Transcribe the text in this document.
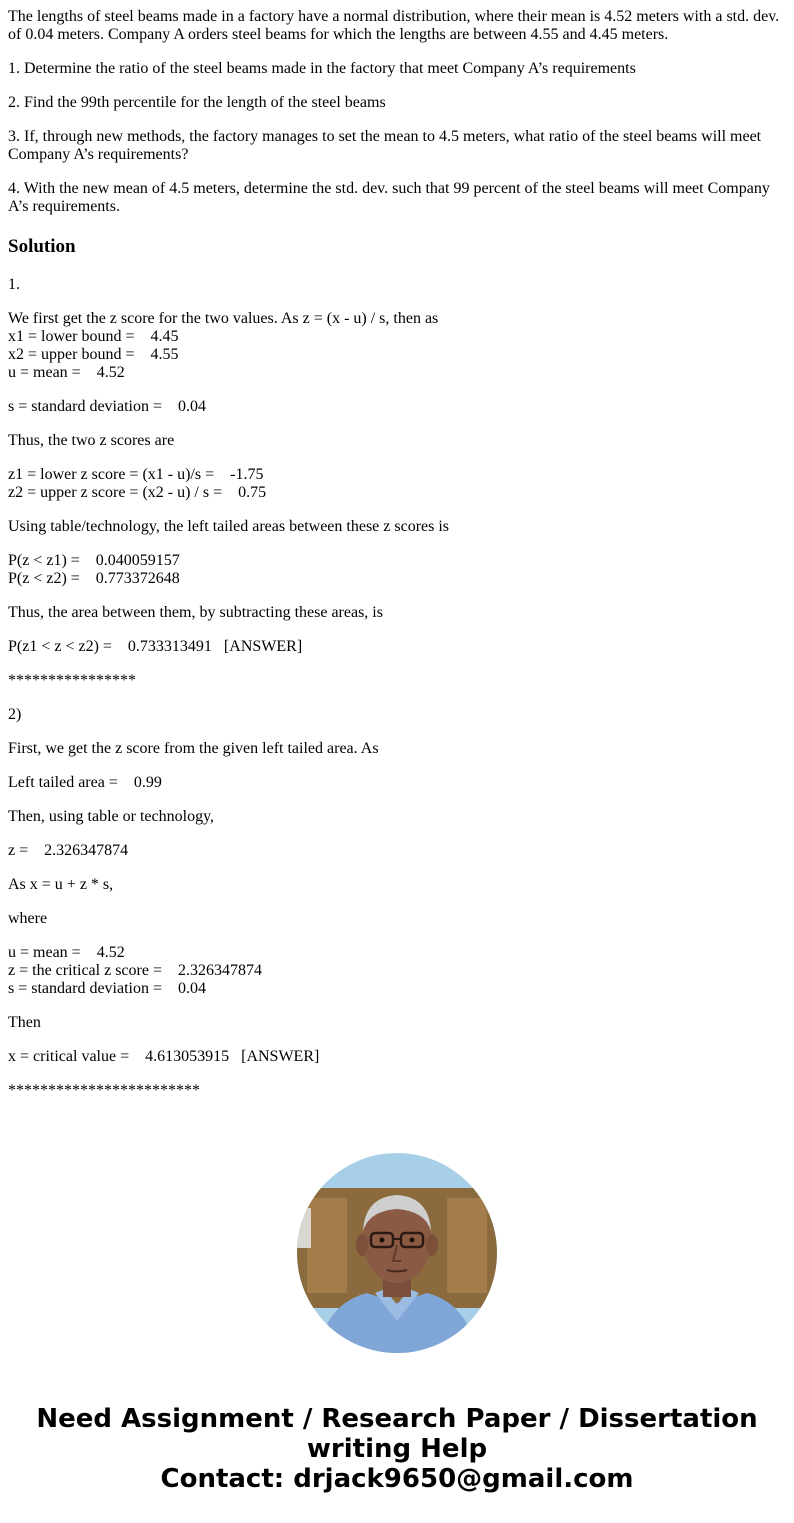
The lengths of steel beams made in a factory have a normal distribution, where their mean is 4.52 meters with a std. dev. of 0.04 meters. Company A orders steel beams for which the lengths are between 4.55 and 4.45 meters.

1. Determine the ratio of the steel beams made in the factory that meet Company A’s requirements

2. Find the 99th percentile for the length of the steel beams

3. If, through new methods, the factory manages to set the mean to 4.5 meters, what ratio of the steel beams will meet Company A’s requirements?

4. With the new mean of 4.5 meters, determine the std. dev. such that 99 percent of the steel beams will meet Company A’s requirements.

Solution
1.
We first get the z score for the two values. As z = (x - u) / s, then as
x1 = lower bound =    4.45
x2 = upper bound =    4.55
u = mean =    4.52
s = standard deviation =    0.04
Thus, the two z scores are
z1 = lower z score = (x1 - u)/s =    -1.75
z2 = upper z score = (x2 - u) / s =    0.75
Using table/technology, the left tailed areas between these z scores is
P(z < z1) =    0.040059157
P(z < z2) =    0.773372648
Thus, the area between them, by subtracting these areas, is
P(z1 < z < z2) =    0.733313491   [ANSWER]
****************
2)
First, we get the z score from the given left tailed area. As
Left tailed area =    0.99
Then, using table or technology,
z =    2.326347874
As x = u + z * s,
where
u = mean =    4.52
z = the critical z score =    2.326347874
s = standard deviation =    0.04
Then
x = critical value =    4.613053915   [ANSWER]
************************
Need Assignment / Research Paper / Dissertation
writing Help
Contact: drjack9650@gmail.com
